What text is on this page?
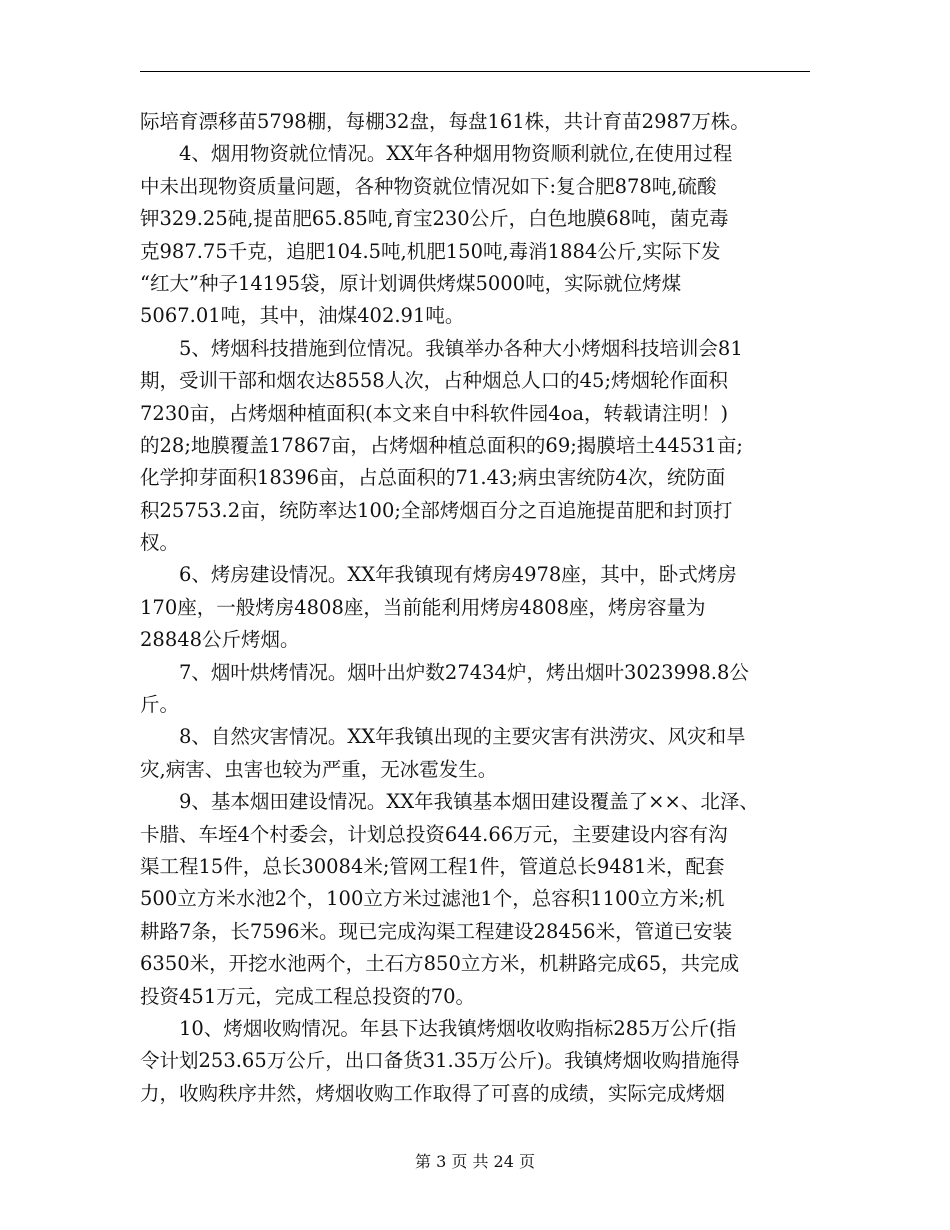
际培育漂移苗5798棚，每棚32盘，每盘161株，共计育苗2987万株。
4、烟用物资就位情况。XX年各种烟用物资顺利就位,在使用过程
中未出现物资质量问题，各种物资就位情况如下:复合肥878吨,硫酸
钾329.25砘,提苗肥65.85吨,育宝230公斤，白色地膜68吨，菌克毒
克987.75千克，追肥104.5吨,机肥150吨,毒消1884公斤,实际下发
“红大”种子14195袋，原计划调供烤煤5000吨，实际就位烤煤
5067.01吨，其中，油煤402.91吨。
5、烤烟科技措施到位情况。我镇举办各种大小烤烟科技培训会81
期，受训干部和烟农达8558人次，占种烟总人口的45;烤烟轮作面积
7230亩，占烤烟种植面积(本文来自中科软件园4oa，转载请注明！)
的28;地膜覆盖17867亩，占烤烟种植总面积的69;揭膜培土44531亩;
化学抑芽面积18396亩，占总面积的71.43;病虫害统防4次，统防面
积25753.2亩，统防率达100;全部烤烟百分之百追施提苗肥和封顶打
杈。
6、烤房建设情况。XX年我镇现有烤房4978座，其中，卧式烤房
170座，一般烤房4808座，当前能利用烤房4808座，烤房容量为
28848公斤烤烟。
7、烟叶烘烤情况。烟叶出炉数27434炉，烤出烟叶3023998.8公
斤。
8、自然灾害情况。XX年我镇出现的主要灾害有洪涝灾、风灾和旱
灾,病害、虫害也较为严重，无冰雹发生。
9、基本烟田建设情况。XX年我镇基本烟田建设覆盖了××、北泽、
卡腊、车垤4个村委会，计划总投资644.66万元，主要建设内容有沟
渠工程15件，总长30084米;管网工程1件，管道总长9481米，配套
500立方米水池2个，100立方米过滤池1个，总容积1100立方米;机
耕路7条，长7596米。现已完成沟渠工程建设28456米，管道已安装
6350米，开挖水池两个，土石方850立方米，机耕路完成65，共完成
投资451万元，完成工程总投资的70。
10、烤烟收购情况。年县下达我镇烤烟收收购指标285万公斤(指
令计划253.65万公斤，出口备货31.35万公斤)。我镇烤烟收购措施得
力，收购秩序井然，烤烟收购工作取得了可喜的成绩，实际完成烤烟
第 3 页 共 24 页
